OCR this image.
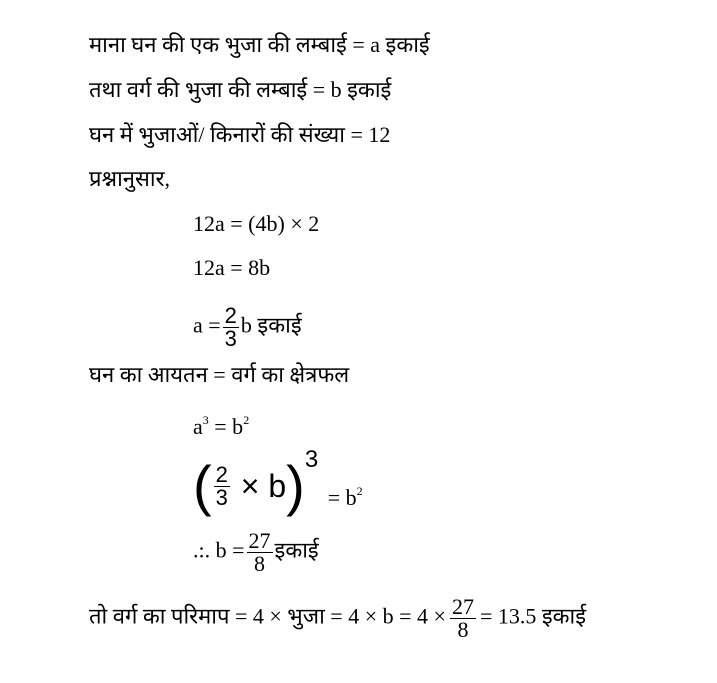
माना घन की एक भुजा की लम्बाई = a इकाई
तथा वर्ग की भुजा की लम्बाई = b इकाई
घन में भुजाओं/ किनारों की संख्या = 12
प्रश्नानुसार,
12a = (4b) × 2
12a = 8b
$a = \frac{2}{3}$ b इकाई
घन का आयतन = वर्ग का क्षेत्रफल
$a^3 = b^2$
( $\frac{2}{3}$
× b ) 3
= $b^2$
.:. $b = \frac{27}{8}$ इकाई
तो वर्ग का परिमाप = 4 × भुजा = $4 \times b = 4 \times \frac{27}{8} = 13.5$ इकाई
